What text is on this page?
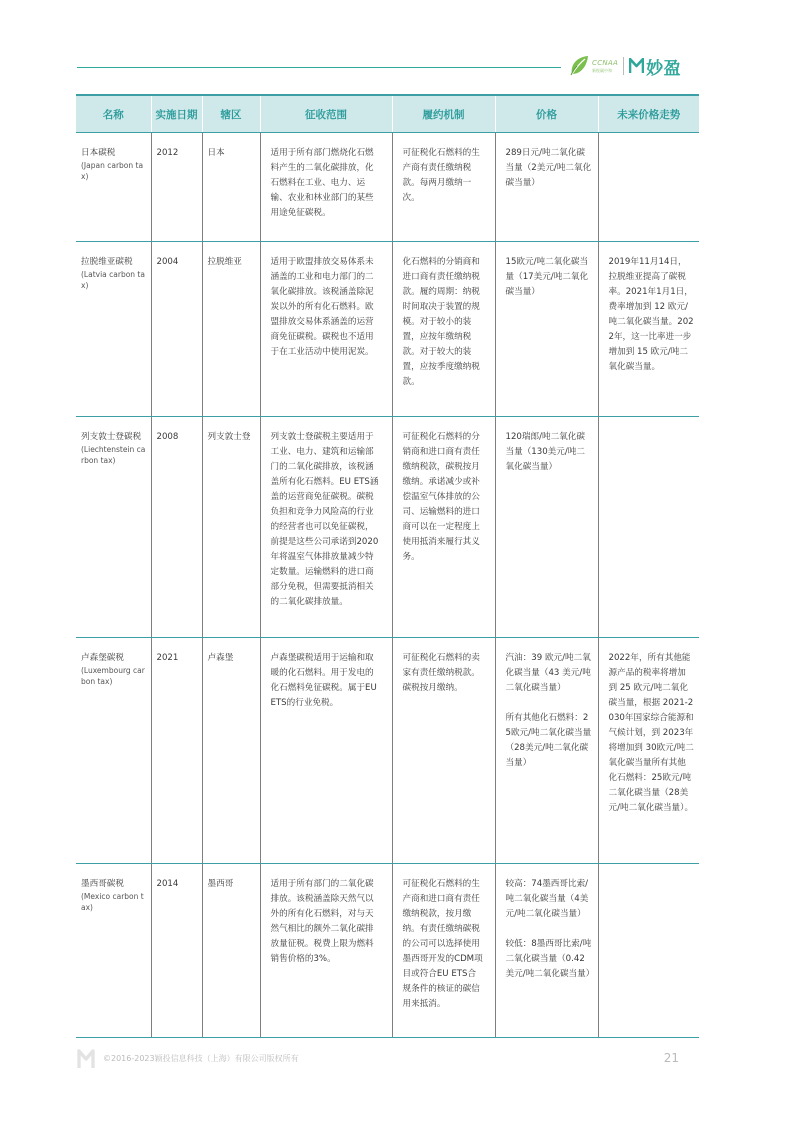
CCNAA
新锐碳中和	妙盈
名称	实施日期	辖区	征收范围	履约机制	价格	未来价格走势

日本碳税
(Japan carbon tax)	2012	日本	适用于所有部门燃烧化石燃料产生的二氧化碳排放，化石燃料在工业、电力、运输、农业和林业部门的某些用途免征碳税。	可征税化石燃料的生产商有责任缴纳税款。每两月缴纳一次。	289日元/吨二氧化碳当量（2美元/吨二氧化碳当量）	

拉脱维亚碳税
(Latvia carbon tax)	2004	拉脱维亚	适用于欧盟排放交易体系未涵盖的工业和电力部门的二氧化碳排放。该税涵盖除泥炭以外的所有化石燃料。欧盟排放交易体系涵盖的运营商免征碳税。碳税也不适用于在工业活动中使用泥炭。	化石燃料的分销商和进口商有责任缴纳税款。履约周期：纳税时间取决于装置的规模。对于较小的装置，应按年缴纳税款。对于较大的装置，应按季度缴纳税款。	15欧元/吨二氧化碳当量（17美元/吨二氧化碳当量）	2019年11月14日，拉脱维亚提高了碳税率。2021年1月1日，费率增加到 12 欧元/吨二氧化碳当量。2022年，这一比率进一步增加到 15 欧元/吨二氧化碳当量。

列支敦士登碳税
(Liechtenstein carbon tax)	2008	列支敦士登	列支敦士登碳税主要适用于工业、电力、建筑和运输部门的二氧化碳排放，该税涵盖所有化石燃料。EU ETS涵盖的运营商免征碳税。碳税负担和竞争力风险高的行业的经营者也可以免征碳税，前提是这些公司承诺到2020年将温室气体排放量减少特定数量。运输燃料的进口商部分免税，但需要抵消相关的二氧化碳排放量。	可征税化石燃料的分销商和进口商有责任缴纳税款，碳税按月缴纳。承诺减少或补偿温室气体排放的公司、运输燃料的进口商可以在一定程度上使用抵消来履行其义务。	120瑞郎/吨二氧化碳当量（130美元/吨二氧化碳当量）	

卢森堡碳税
(Luxembourg carbon tax)	2021	卢森堡	卢森堡碳税适用于运输和取暖的化石燃料。用于发电的化石燃料免征碳税。属于EU ETS的行业免税。	可征税化石燃料的卖家有责任缴纳税款。碳税按月缴纳。	汽油：39 欧元/吨二氧化碳当量（43 美元/吨二氧化碳当量）
所有其他化石燃料：25欧元/吨二氧化碳当量（28美元/吨二氧化碳当量）	2022年，所有其他能源产品的税率将增加到 25 欧元/吨二氧化碳当量，根据 2021-2030年国家综合能源和气候计划，到 2023年将增加到 30欧元/吨二氧化碳当量所有其他化石燃料：25欧元/吨二氧化碳当量（28美元/吨二氧化碳当量）。

墨西哥碳税
(Mexico carbon tax)	2014	墨西哥	适用于所有部门的二氧化碳排放。该税涵盖除天然气以外的所有化石燃料，对与天然气相比的额外二氧化碳排放量征税。税费上限为燃料销售价格的3%。	可征税化石燃料的生产商和进口商有责任缴纳税款，按月缴纳。有责任缴纳碳税的公司可以选择使用墨西哥开发的CDM项目或符合EU ETS合规条件的核证的碳信用来抵消。	较高：74墨西哥比索/吨二氧化碳当量（4美元/吨二氧化碳当量）
较低：8墨西哥比索/吨二氧化碳当量（0.42美元/吨二氧化碳当量）	

©2016-2023颖投信息科技（上海）有限公司版权所有	21
